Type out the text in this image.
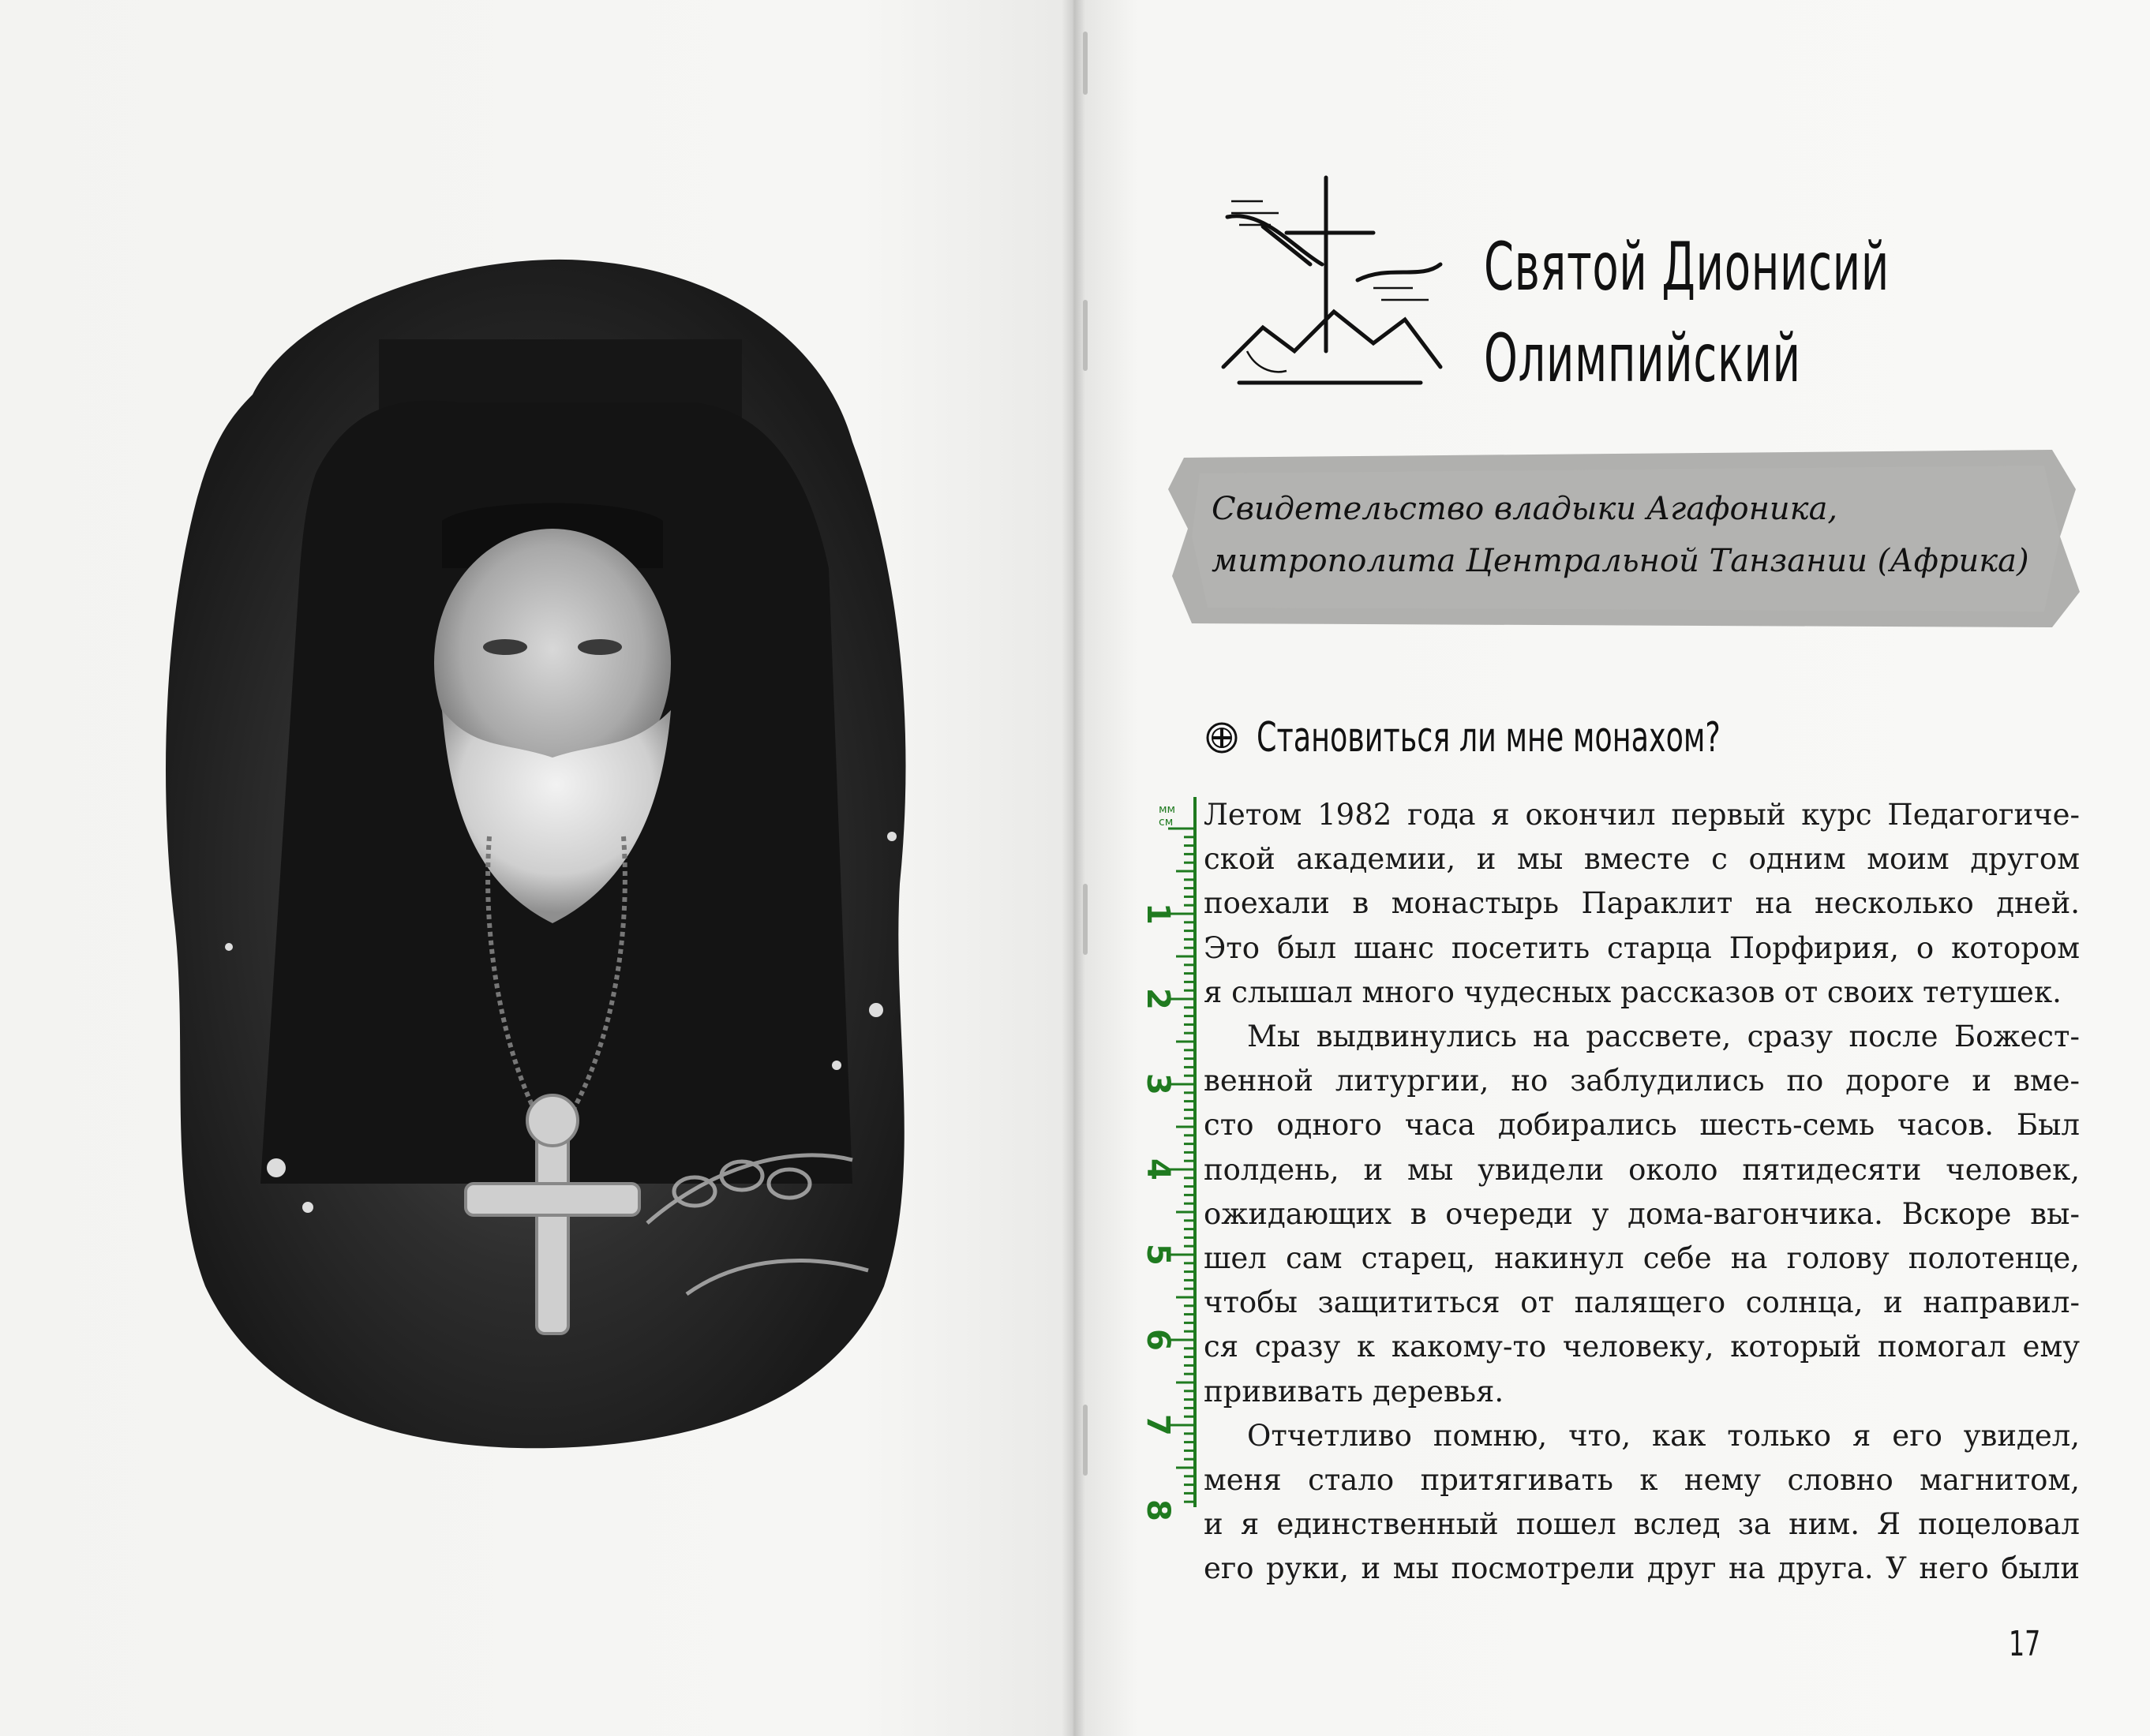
Святой Дионисий
Олимпийский
Свидетельство владыки Агафоника,
митрополита Центральной Танзании (Африка)
Становиться ли мне монахом?
1
2
3
4
5
6
7
8
мм
см Летом 1982 года я окончил первый курс Педагогиче-
ской академии, и мы вместе с одним моим другом
поехали в монастырь Параклит на несколько дней.
Это был шанс посетить старца Порфирия, о котором
я слышал много чудесных рассказов от своих тетушек.
Мы выдвинулись на рассвете, сразу после Божест-
венной литургии, но заблудились по дороге и вме-
сто одного часа добирались шесть-семь часов. Был
полдень, и мы увидели около пятидесяти человек,
ожидающих в очереди у дома-вагончика. Вскоре вы-
шел сам старец, накинул себе на голову полотенце,
чтобы защититься от палящего солнца, и направил-
ся сразу к какому-то человеку, который помогал ему
прививать деревья.
Отчетливо помню, что, как только я его увидел,
меня стало притягивать к нему словно магнитом,
и я единственный пошел вслед за ним. Я поцеловал
его руки, и мы посмотрели друг на друга. У него были
17
